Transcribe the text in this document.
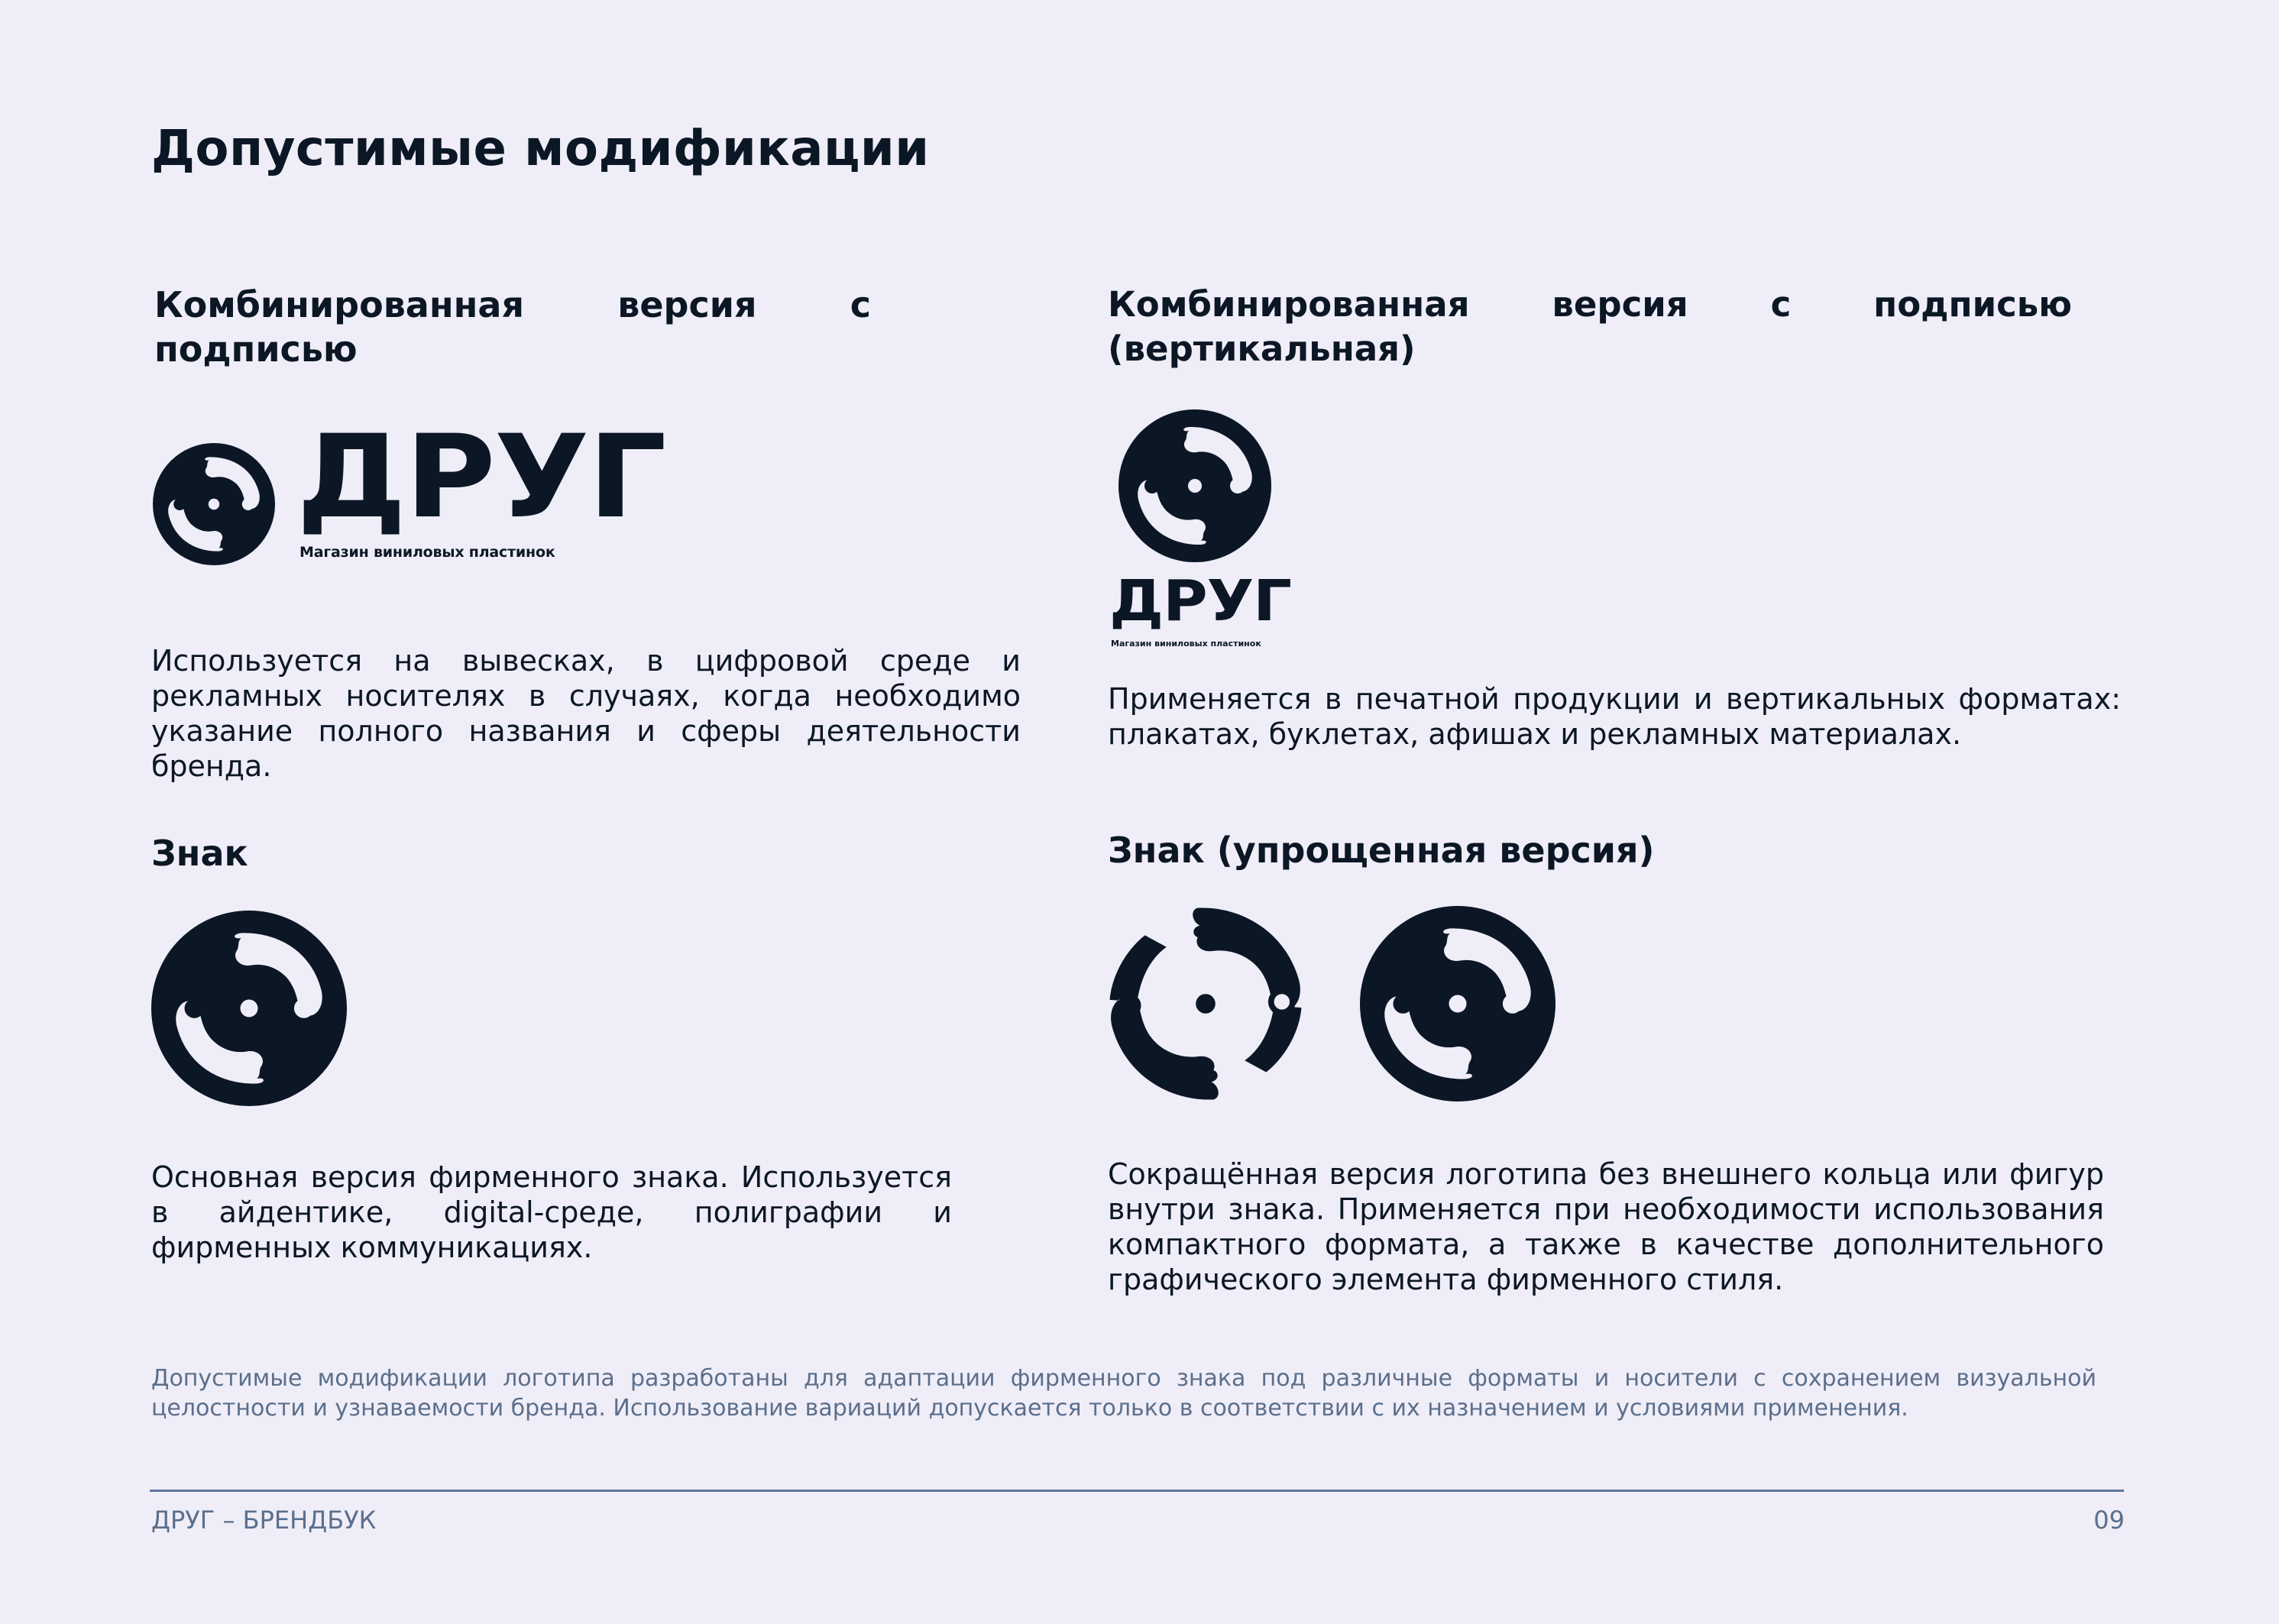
Допустимые модификации
Комбинированная версия с подписью
ДРУГ
Магазин виниловых пластинок
Используется на вывесках, в цифровой среде и рекламных носителях в случаях, когда необходимо указание полного названия и сферы деятельности бренда.
Комбинированная версия с подписью (вертикальная)
ДРУГ
Магазин виниловых пластинок
Применяется в печатной продукции и вертикальных форматах: плакатах, буклетах, афишах и рекламных материалах.
Знак
Основная версия фирменного знака. Используется в айдентике, digital-среде, полиграфии и фирменных коммуникациях.
Знак (упрощенная версия)
Сокращённая версия логотипа без внешнего кольца или фигур внутри знака. Применяется при необходимости использования компактного формата, а также в качестве дополнительного графического элемента фирменного стиля.
Допустимые модификации логотипа разработаны для адаптации фирменного знака под различные форматы и носители с сохранением визуальной целостности и узнаваемости бренда. Использование вариаций допускается только в соответствии с их назначением и условиями применения.
ДРУГ – БРЕНДБУК	09
